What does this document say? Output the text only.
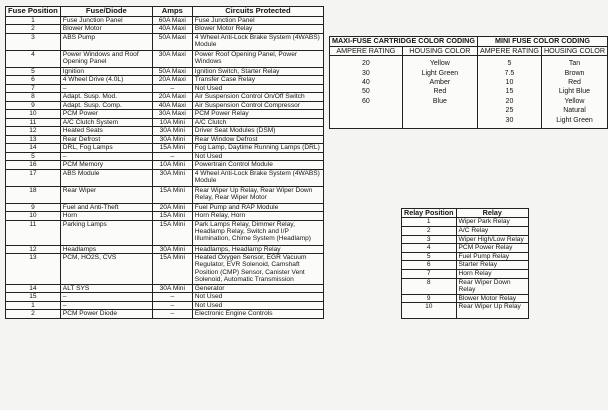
Fuse Position	Fuse/Diode	Amps	Circuits Protected
1	Fuse Junction Panel	60A Maxi	Fuse Junction Panel
2	Blower Motor	40A Maxi	Blower Motor Relay
3	ABS Pump	50A Maxi	4 Wheel Anti-Lock Brake System (4WABS) Module
4	Power Windows and Roof Opening Panel	30A Maxi	Power Roof Opening Panel, Power Windows
5	Ignition	50A Maxi	Ignition Switch, Starter Relay
6	4 Wheel Drive (4.0L)	20A Maxi	Transfer Case Relay
7	–	–	Not Used
8	Adapt. Susp. Mod.	20A Maxi	Air Suspension Control On/Off Switch
9	Adapt. Susp. Comp.	40A Maxi	Air Suspension Control Compressor
10	PCM Power	30A Maxi	PCM Power Relay
11	A/C Clutch System	10A Mini	A/C Clutch
12	Heated Seats	30A Mini	Driver Seat Modules (DSM)
13	Rear Defrost	30A Mini	Rear Window Defrost
14	DRL, Fog Lamps	15A Mini	Fog Lamp, Daytime Running Lamps (DRL)
5	–	–	Not Used
16	PCM Memory	10A Mini	Powertrain Control Module
17	ABS Module	30A Mini	4 Wheel Anti-Lock Brake System (4WABS) Module
18	Rear Wiper	15A Mini	Rear Wiper Up Relay, Rear Wiper Down Relay, Rear Wiper Motor
9	Fuel and Anti-Theft	20A Mini	Fuel Pump and RAP Module
10	Horn	15A Mini	Horn Relay, Horn
11	Parking Lamps	15A Mini	Park Lamps Relay, Dimmer Relay, Headlamp Relay, Switch and I/P Illumination, Chime System (Headlamp)
12	Headlamps	30A Mini	Headlamps, Headlamp Relay
13	PCM, HO2S, CVS	15A Mini	Heated Oxygen Sensor, EGR Vacuum Regulator, EVR Solenoid, Camshaft Position (CMP) Sensor, Canister Vent Solenoid, Automatic Transmission
14	ALT SYS	30A Mini	Generator
15	–	–	Not Used
1	–	–	Not Used
2	PCM Power Diode	–	Electronic Engine Controls
MAXI-FUSE CARTRIDGE COLOR CODING		MINI FUSE COLOR CODING	
AMPERE RATING	HOUSING COLOR	AMPERE RATING	HOUSING COLOR
20	Yellow	5	Tan
30	Light Green	7.5	Brown
40	Amber	10	Red
50	Red	15	Light Blue
60	Blue	20	Yellow
		25	Natural
		30	Light Green
Relay Position	Relay
1	Wiper Park Relay
2	A/C Relay
3	Wiper High/Low Relay
4	PCM Power Relay
5	Fuel Pump Relay
6	Starter Relay
7	Horn Relay
8	Rear Wiper Down Relay
9	Blower Motor Relay
10	Rear Wiper Up Relay
